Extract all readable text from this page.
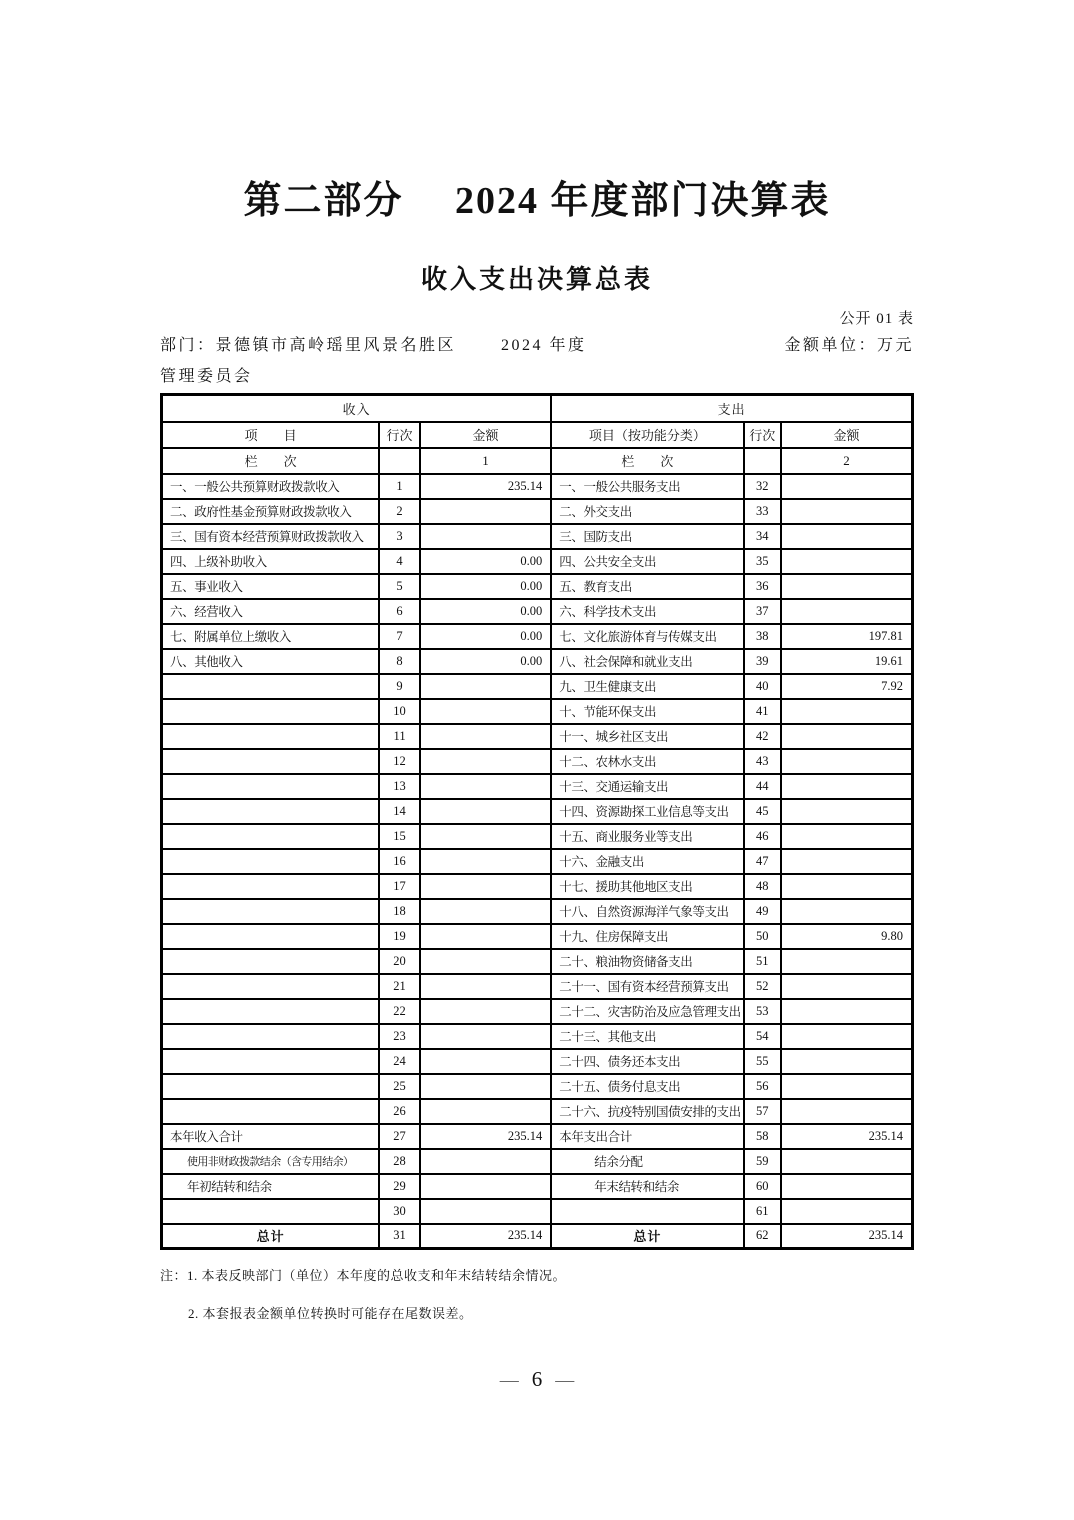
第二部分　 2024 年度部门决算表
收入支出决算总表
公开 01 表
部门：景德镇市高岭瑶里风景名胜区管理委员会
2024 年度	金额单位：万元
收入			支出		
项　　目	行次	金额	项目（按功能分类）	行次	金额
栏　　次		1	栏　　次		2
一、一般公共预算财政拨款收入	1	235.14	一、一般公共服务支出	32	
二、政府性基金预算财政拨款收入	2		二、外交支出	33	
三、国有资本经营预算财政拨款收入	3		三、国防支出	34	
四、上级补助收入	4	0.00	四、公共安全支出	35	
五、事业收入	5	0.00	五、教育支出	36	
六、经营收入	6	0.00	六、科学技术支出	37	
七、附属单位上缴收入	7	0.00	七、文化旅游体育与传媒支出	38	197.81
八、其他收入	8	0.00	八、社会保障和就业支出	39	19.61
	9		九、卫生健康支出	40	7.92
	10		十、节能环保支出	41	
	11		十一、城乡社区支出	42	
	12		十二、农林水支出	43	
	13		十三、交通运输支出	44	
	14		十四、资源勘探工业信息等支出	45	
	15		十五、商业服务业等支出	46	
	16		十六、金融支出	47	
	17		十七、援助其他地区支出	48	
	18		十八、自然资源海洋气象等支出	49	
	19		十九、住房保障支出	50	9.80
	20		二十、粮油物资储备支出	51	
	21		二十一、国有资本经营预算支出	52	
	22		二十二、灾害防治及应急管理支出	53	
	23		二十三、其他支出	54	
	24		二十四、债务还本支出	55	
	25		二十五、债务付息支出	56	
	26		二十六、抗疫特别国债安排的支出	57	
本年收入合计	27	235.14	本年支出合计	58	235.14
使用非财政拨款结余（含专用结余）	28		结余分配	59	
年初结转和结余	29		年末结转和结余	60	
	30			61	
总计	31	235.14	总计	62	235.14
注：1. 本表反映部门（单位）本年度的总收支和年末结转结余情况。
2. 本套报表金额单位转换时可能存在尾数误差。
— 6 —
